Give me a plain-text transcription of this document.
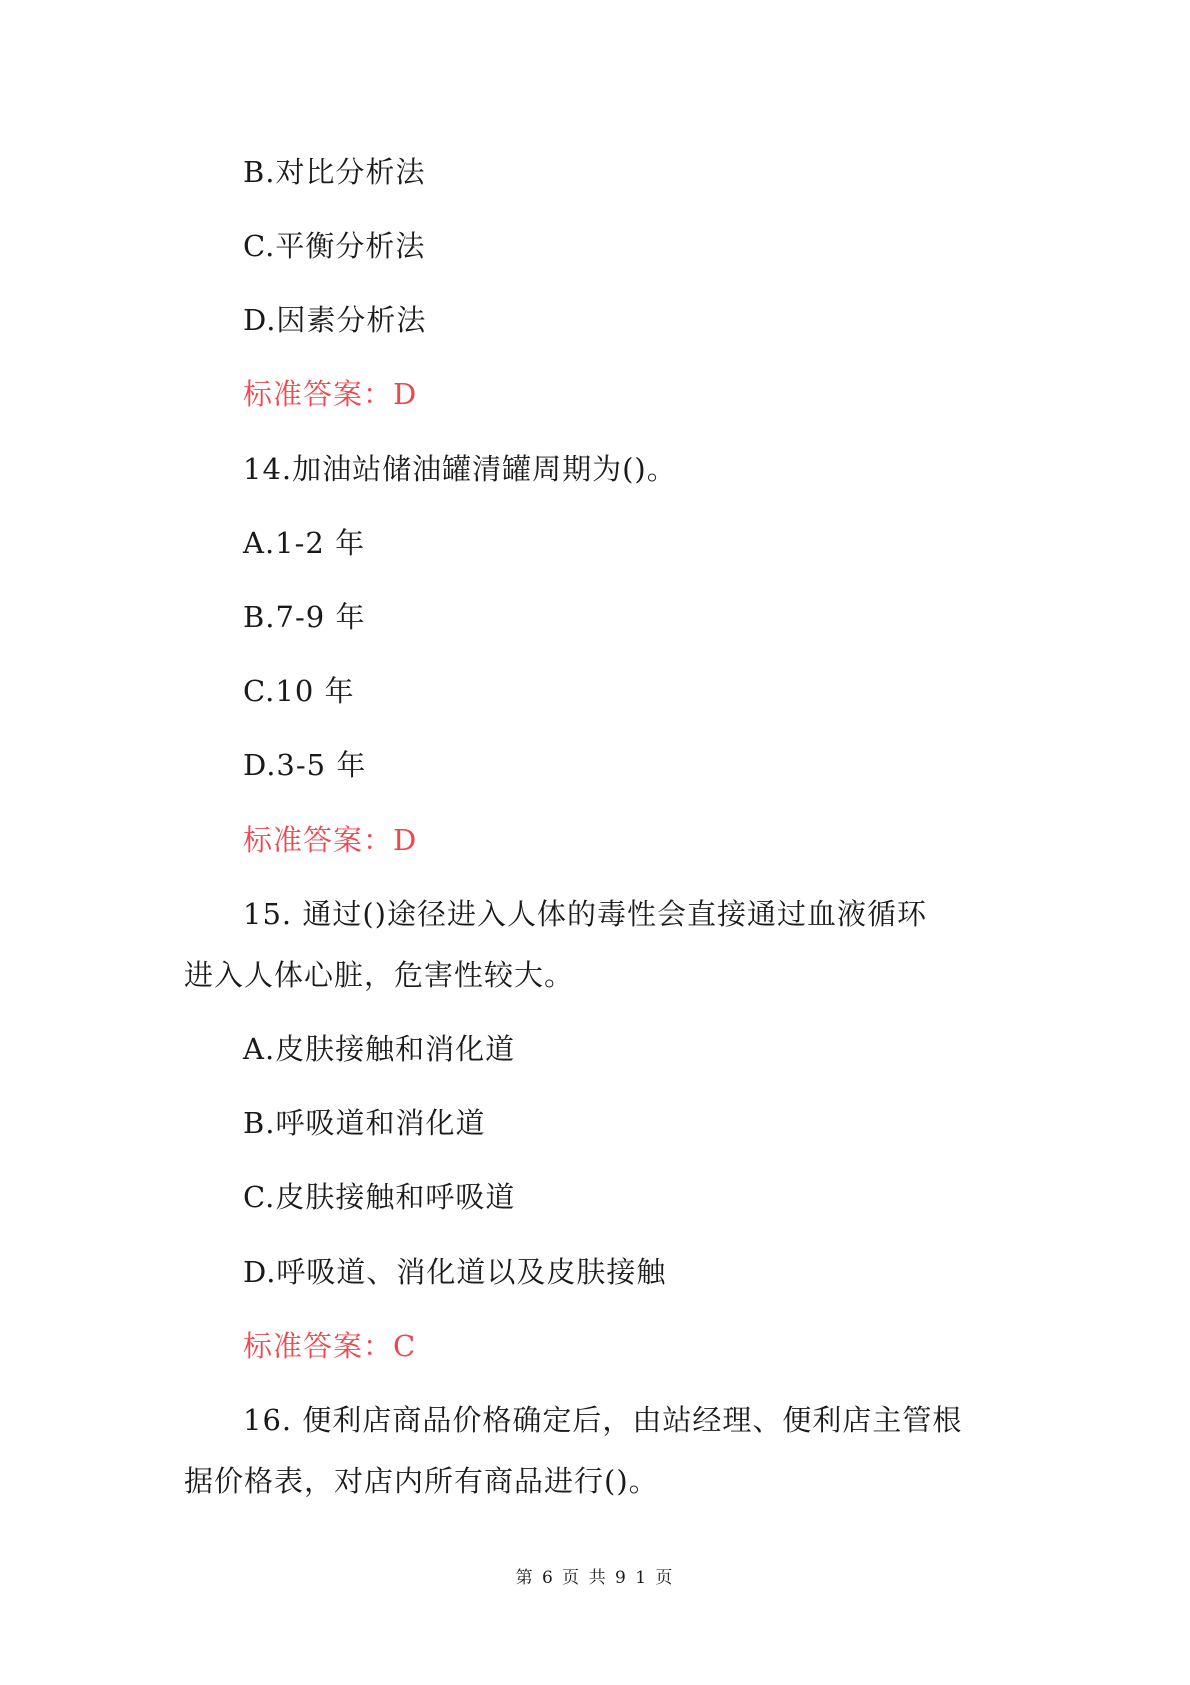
B.对比分析法
C.平衡分析法
D.因素分析法
标准答案：D
14.加油站储油罐清罐周期为()。
A.1-2 年
B.7-9 年
C.10 年
D.3-5 年
标准答案：D
15. 通过()途径进入人体的毒性会直接通过血液循环
进入人体心脏，危害性较大。
A.皮肤接触和消化道
B.呼吸道和消化道
C.皮肤接触和呼吸道
D.呼吸道、消化道以及皮肤接触
标准答案：C
16. 便利店商品价格确定后，由站经理、便利店主管根
据价格表，对店内所有商品进行()。
第 6 页 共 9 1 页
